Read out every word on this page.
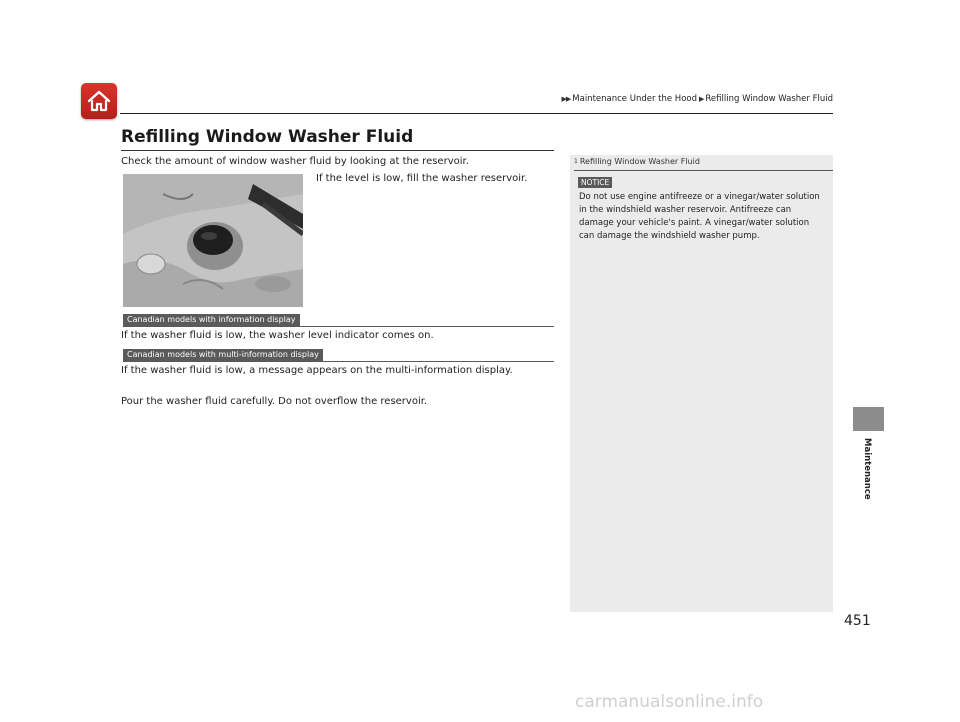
▶▶ Maintenance Under the Hood ▶ Refilling Window Washer Fluid
Refilling Window Washer Fluid
Check the amount of window washer fluid by looking at the reservoir.
If the level is low, fill the washer reservoir.
Canadian models with information display
If the washer fluid is low, the washer level indicator comes on.
Canadian models with multi-information display
If the washer fluid is low, a message appears on the multi-information display.
Pour the washer fluid carefully. Do not overflow the reservoir.
1 Refilling Window Washer Fluid
NOTICE
Do not use engine antifreeze or a vinegar/water solution in the windshield washer reservoir. Antifreeze can damage your vehicle's paint. A vinegar/water solution can damage the windshield washer pump.
Maintenance
451
carmanualsonline.info
